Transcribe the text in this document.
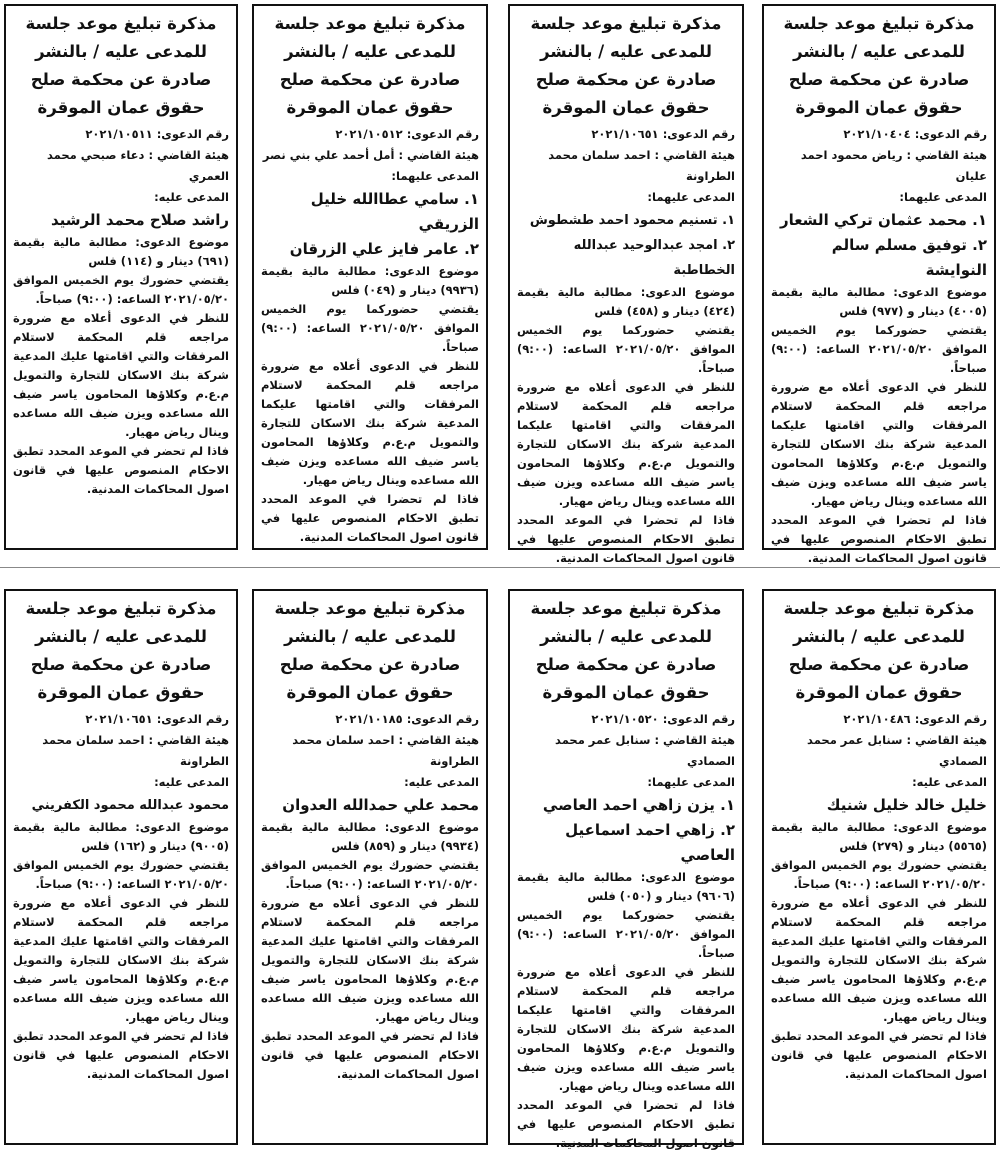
مذكرة تبليغ موعد جلسة للمدعى عليه / بالنشر صادرة عن محكمة صلح حقوق عمان الموقرة
رقم الدعوى: ٢٠٢١/١٠٤٠٤
هيئة القاضي : رياض محمود احمد عليان
المدعى عليهما:
١. محمد عثمان تركي الشعار
٢. توفيق مسلم سالم النوايشة

موضوع الدعوى: مطالبة مالية بقيمة (٤٠٠٥) دينار و (٩٧٧) فلس

يقتضي حضوركما يوم الخميس الموافق ٢٠٢١/٠٥/٢٠ الساعه: (٩:٠٠) صباحاً.

للنظر في الدعوى أعلاه مع ضرورة مراجعه قلم المحكمة لاستلام المرفقات والتي اقامتها عليكما المدعية شركة بنك الاسكان للتجارة والتمويل م.ع.م وكلاؤها المحامون ياسر ضيف الله مساعده ويزن ضيف الله مساعده وينال رياض مهيار.

فاذا لم تحضرا في الموعد المحدد تطبق الاحكام المنصوص عليها في قانون اصول المحاكمات المدنية.

مذكرة تبليغ موعد جلسة للمدعى عليه / بالنشر صادرة عن محكمة صلح حقوق عمان الموقرة
رقم الدعوى: ٢٠٢١/١٠٦٥١
هيئة القاضي : احمد سلمان محمد الطراونة
المدعى عليهما:
١. تسنيم محمود احمد طشطوش
٢. امجد عبدالوحيد عبدالله الخطاطبة

موضوع الدعوى: مطالبة مالية بقيمة (٤٢٤) دينار و (٤٥٨) فلس

يقتضي حضوركما يوم الخميس الموافق ٢٠٢١/٠٥/٢٠ الساعه: (٩:٠٠) صباحاً.

للنظر في الدعوى أعلاه مع ضرورة مراجعه قلم المحكمة لاستلام المرفقات والتي اقامتها عليكما المدعية شركة بنك الاسكان للتجارة والتمويل م.ع.م وكلاؤها المحامون ياسر ضيف الله مساعده ويزن ضيف الله مساعده وينال رياض مهيار.

فاذا لم تحضرا في الموعد المحدد تطبق الاحكام المنصوص عليها في قانون اصول المحاكمات المدنية.

مذكرة تبليغ موعد جلسة للمدعى عليه / بالنشر صادرة عن محكمة صلح حقوق عمان الموقرة
رقم الدعوى: ٢٠٢١/١٠٥١٢
هيئة القاضي : أمل أحمد علي بني نصر
المدعى عليهما:
١. سامي عطاالله خليل الزريقي
٢. عامر فايز علي الزرقان

موضوع الدعوى: مطالبة مالية بقيمة (٩٩٣٦) دينار و (٠٤٩) فلس

يقتضي حضوركما يوم الخميس الموافق ٢٠٢١/٠٥/٢٠ الساعه: (٩:٠٠) صباحاً.

للنظر في الدعوى أعلاه مع ضرورة مراجعه قلم المحكمة لاستلام المرفقات والتي اقامتها عليكما المدعية شركة بنك الاسكان للتجارة والتمويل م.ع.م وكلاؤها المحامون ياسر ضيف الله مساعده ويزن ضيف الله مساعده وينال رياض مهيار.

فاذا لم تحضرا في الموعد المحدد تطبق الاحكام المنصوص عليها في قانون اصول المحاكمات المدنية.

مذكرة تبليغ موعد جلسة للمدعى عليه / بالنشر صادرة عن محكمة صلح حقوق عمان الموقرة
رقم الدعوى: ٢٠٢١/١٠٥١١
هيئة القاضي : دعاء صبحي محمد العمري
المدعى عليه:
راشد صلاح محمد الرشيد

موضوع الدعوى: مطالبة مالية بقيمة (٦٩١) دينار و (١١٤) فلس

يقتضي حضورك يوم الخميس الموافق ٢٠٢١/٠٥/٢٠ الساعه: (٩:٠٠) صباحاً.

للنظر في الدعوى أعلاه مع ضرورة مراجعه قلم المحكمة لاستلام المرفقات والتي اقامتها عليك المدعية شركة بنك الاسكان للتجارة والتمويل م.ع.م وكلاؤها المحامون ياسر ضيف الله مساعده ويزن ضيف الله مساعده وينال رياض مهيار.

فاذا لم تحضر في الموعد المحدد تطبق الاحكام المنصوص عليها في قانون اصول المحاكمات المدنية.

مذكرة تبليغ موعد جلسة للمدعى عليه / بالنشر صادرة عن محكمة صلح حقوق عمان الموقرة
رقم الدعوى: ٢٠٢١/١٠٤٨٦
هيئة القاضي : سنابل عمر محمد الصمادي
المدعى عليه:
خليل خالد خليل شنيك

موضوع الدعوى: مطالبة مالية بقيمة (٥٥٦٥) دينار و (٢٧٩) فلس

يقتضي حضورك يوم الخميس الموافق ٢٠٢١/٠٥/٢٠ الساعه: (٩:٠٠) صباحاً.

للنظر في الدعوى أعلاه مع ضرورة مراجعه قلم المحكمة لاستلام المرفقات والتي اقامتها عليك المدعية شركة بنك الاسكان للتجارة والتمويل م.ع.م وكلاؤها المحامون ياسر ضيف الله مساعده ويزن ضيف الله مساعده وينال رياض مهيار.

فاذا لم تحضر في الموعد المحدد تطبق الاحكام المنصوص عليها في قانون اصول المحاكمات المدنية.

مذكرة تبليغ موعد جلسة للمدعى عليه / بالنشر صادرة عن محكمة صلح حقوق عمان الموقرة
رقم الدعوى: ٢٠٢١/١٠٥٢٠
هيئة القاضي : سنابل عمر محمد الصمادي
المدعى عليهما:
١. يزن زاهي احمد العاصي
٢. زاهي احمد اسماعيل العاصي

موضوع الدعوى: مطالبة مالية بقيمة (٩٦٠٦) دينار و (٠٥٠) فلس

يقتضي حضوركما يوم الخميس الموافق ٢٠٢١/٠٥/٢٠ الساعه: (٩:٠٠) صباحاً.

للنظر في الدعوى أعلاه مع ضرورة مراجعه قلم المحكمة لاستلام المرفقات والتي اقامتها عليكما المدعية شركة بنك الاسكان للتجارة والتمويل م.ع.م وكلاؤها المحامون ياسر ضيف الله مساعده ويزن ضيف الله مساعده وينال رياض مهيار.

فاذا لم تحضرا في الموعد المحدد تطبق الاحكام المنصوص عليها في قانون اصول المحاكمات المدنية.

مذكرة تبليغ موعد جلسة للمدعى عليه / بالنشر صادرة عن محكمة صلح حقوق عمان الموقرة
رقم الدعوى: ٢٠٢١/١٠١٨٥
هيئة القاضي : احمد سلمان محمد الطراونة
المدعى عليه:
محمد علي حمدالله العدوان

موضوع الدعوى: مطالبة مالية بقيمة (٩٩٣٤) دينار و (٨٥٩) فلس

يقتضي حضورك يوم الخميس الموافق ٢٠٢١/٠٥/٢٠ الساعه: (٩:٠٠) صباحاً.

للنظر في الدعوى أعلاه مع ضرورة مراجعه قلم المحكمة لاستلام المرفقات والتي اقامتها عليك المدعية شركة بنك الاسكان للتجارة والتمويل م.ع.م وكلاؤها المحامون ياسر ضيف الله مساعده ويزن ضيف الله مساعده وينال رياض مهيار.

فاذا لم تحضر في الموعد المحدد تطبق الاحكام المنصوص عليها في قانون اصول المحاكمات المدنية.

مذكرة تبليغ موعد جلسة للمدعى عليه / بالنشر صادرة عن محكمة صلح حقوق عمان الموقرة
رقم الدعوى: ٢٠٢١/١٠٦٥١
هيئة القاضي : احمد سلمان محمد الطراونة
المدعى عليه:
محمود عبدالله محمود الكفريني

موضوع الدعوى: مطالبة مالية بقيمة (٩٠٠٥) دينار و (١٦٢) فلس

يقتضي حضورك يوم الخميس الموافق ٢٠٢١/٠٥/٢٠ الساعه: (٩:٠٠) صباحاً.

للنظر في الدعوى أعلاه مع ضرورة مراجعه قلم المحكمة لاستلام المرفقات والتي اقامتها عليك المدعية شركة بنك الاسكان للتجارة والتمويل م.ع.م وكلاؤها المحامون ياسر ضيف الله مساعده ويزن ضيف الله مساعده وينال رياض مهيار.

فاذا لم تحضر في الموعد المحدد تطبق الاحكام المنصوص عليها في قانون اصول المحاكمات المدنية.
